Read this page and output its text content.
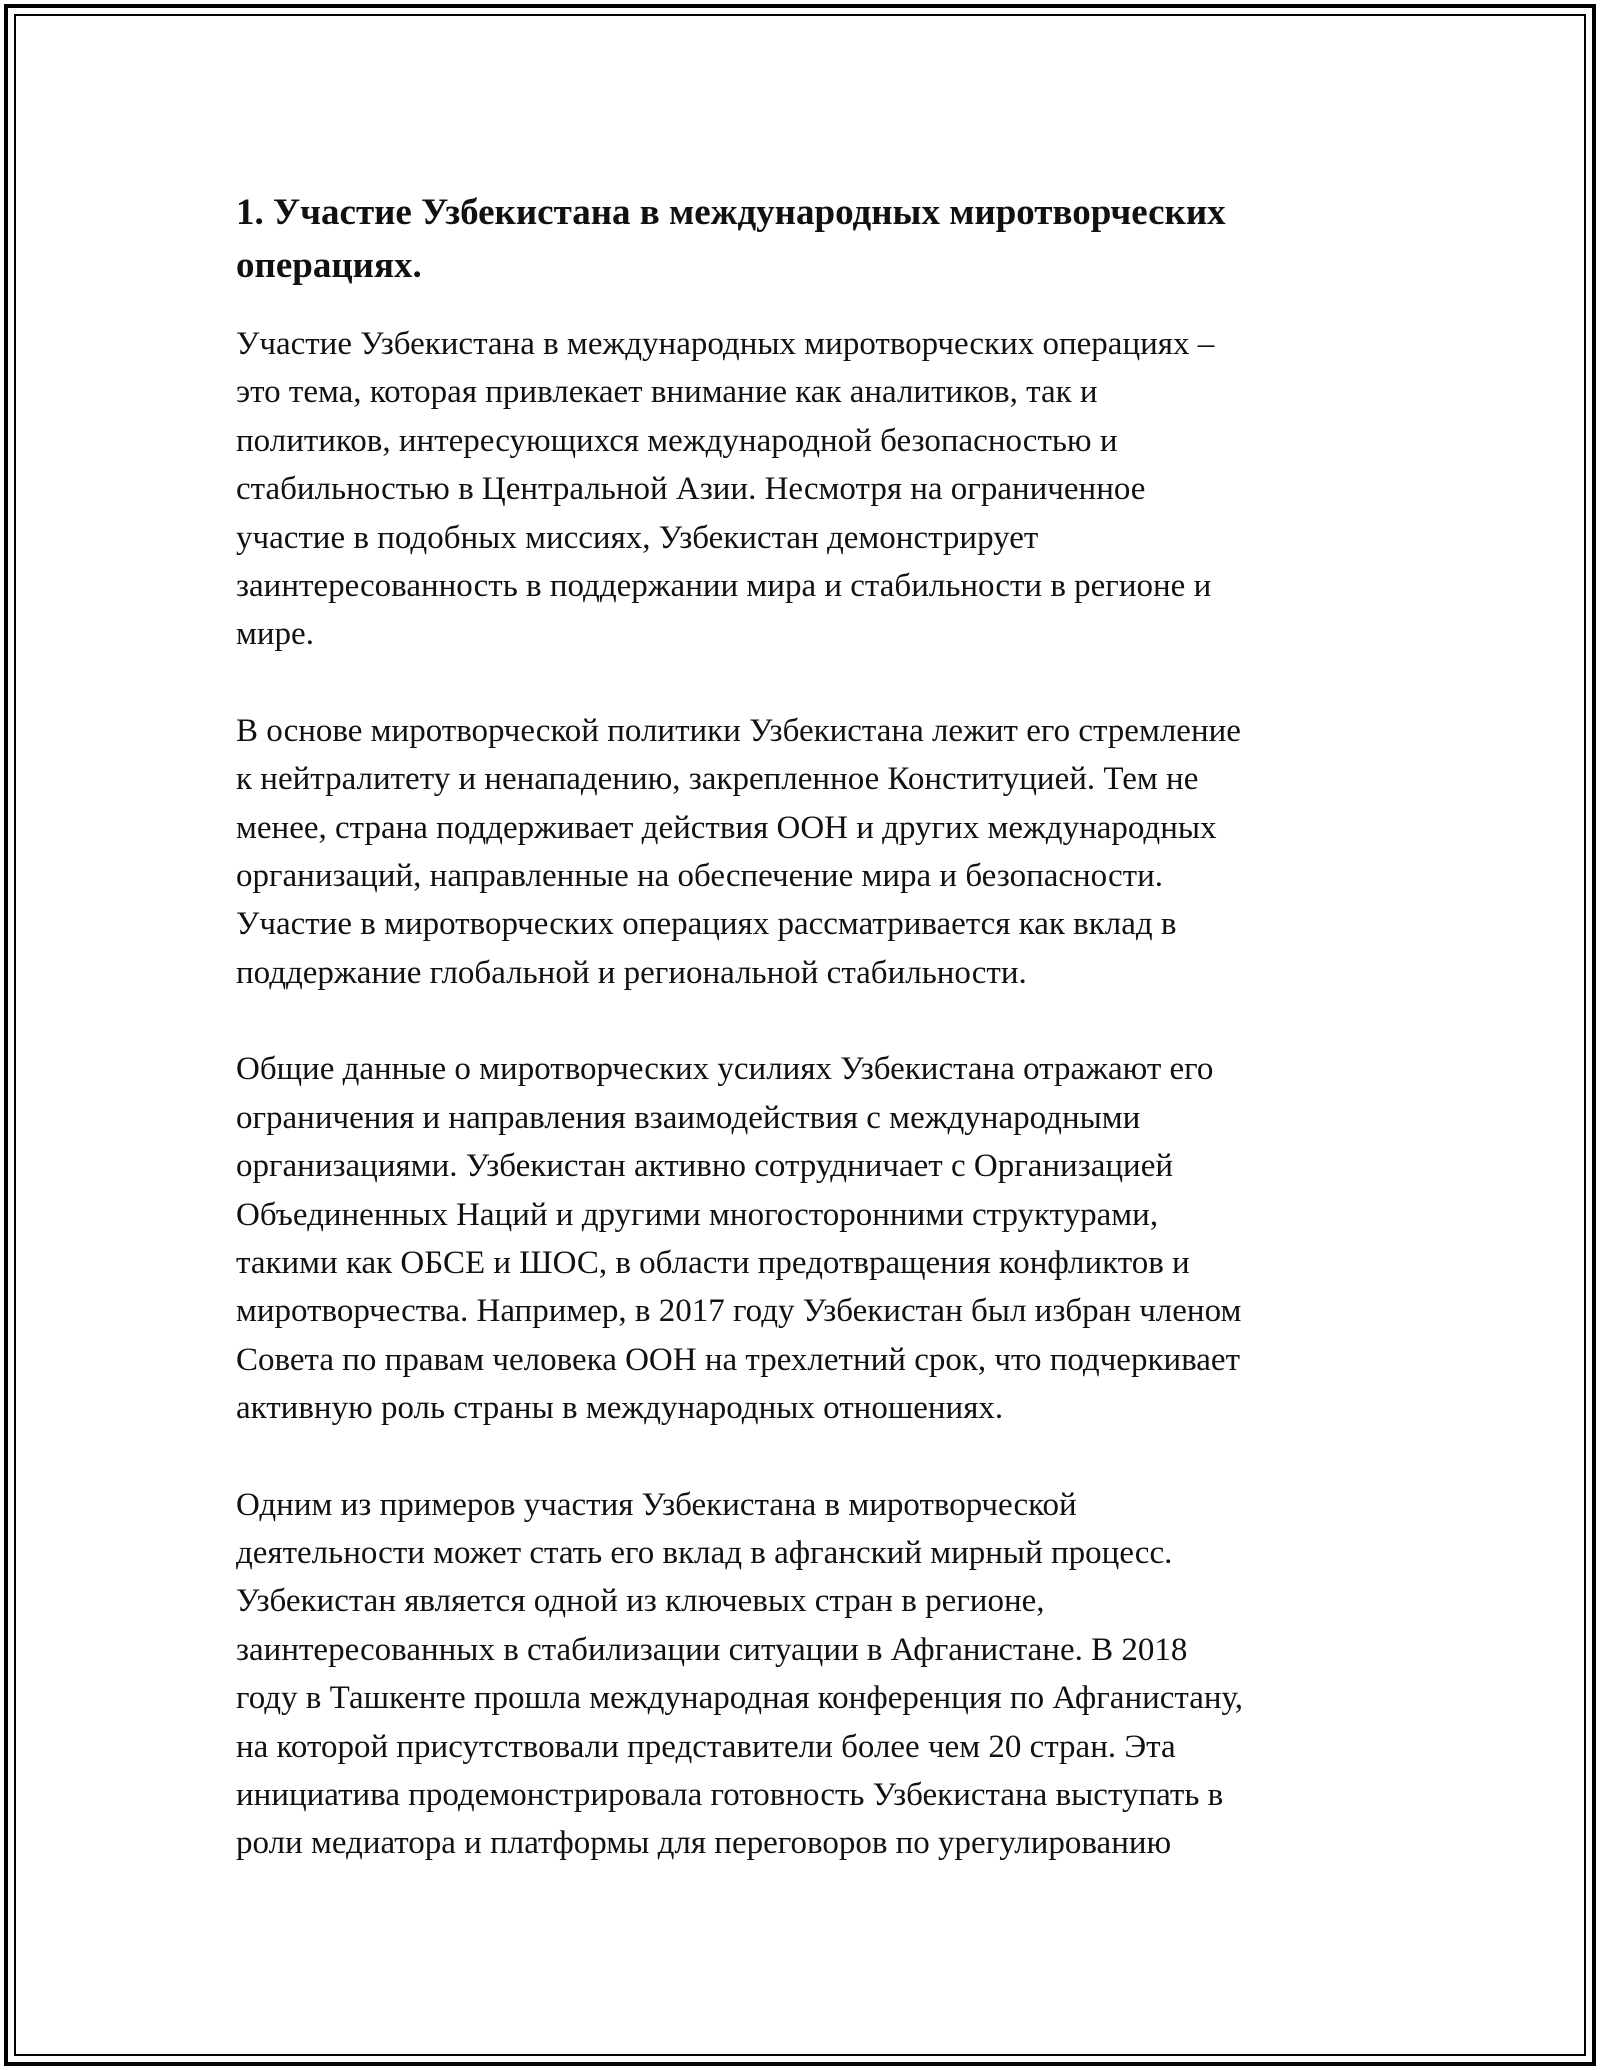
1. Участие Узбекистана в международных миротворческих
операциях.

Участие Узбекистана в международных миротворческих операциях –
это тема, которая привлекает внимание как аналитиков, так и
политиков, интересующихся международной безопасностью и
стабильностью в Центральной Азии. Несмотря на ограниченное
участие в подобных миссиях, Узбекистан демонстрирует
заинтересованность в поддержании мира и стабильности в регионе и
мире.

В основе миротворческой политики Узбекистана лежит его стремление
к нейтралитету и ненападению, закрепленное Конституцией. Тем не
менее, страна поддерживает действия ООН и других международных
организаций, направленные на обеспечение мира и безопасности.
Участие в миротворческих операциях рассматривается как вклад в
поддержание глобальной и региональной стабильности.

Общие данные о миротворческих усилиях Узбекистана отражают его
ограничения и направления взаимодействия с международными
организациями. Узбекистан активно сотрудничает с Организацией
Объединенных Наций и другими многосторонними структурами,
такими как ОБСЕ и ШОС, в области предотвращения конфликтов и
миротворчества. Например, в 2017 году Узбекистан был избран членом
Совета по правам человека ООН на трехлетний срок, что подчеркивает
активную роль страны в международных отношениях.

Одним из примеров участия Узбекистана в миротворческой
деятельности может стать его вклад в афганский мирный процесс.
Узбекистан является одной из ключевых стран в регионе,
заинтересованных в стабилизации ситуации в Афганистане. В 2018
году в Ташкенте прошла международная конференция по Афганистану,
на которой присутствовали представители более чем 20 стран. Эта
инициатива продемонстрировала готовность Узбекистана выступать в
роли медиатора и платформы для переговоров по урегулированию
